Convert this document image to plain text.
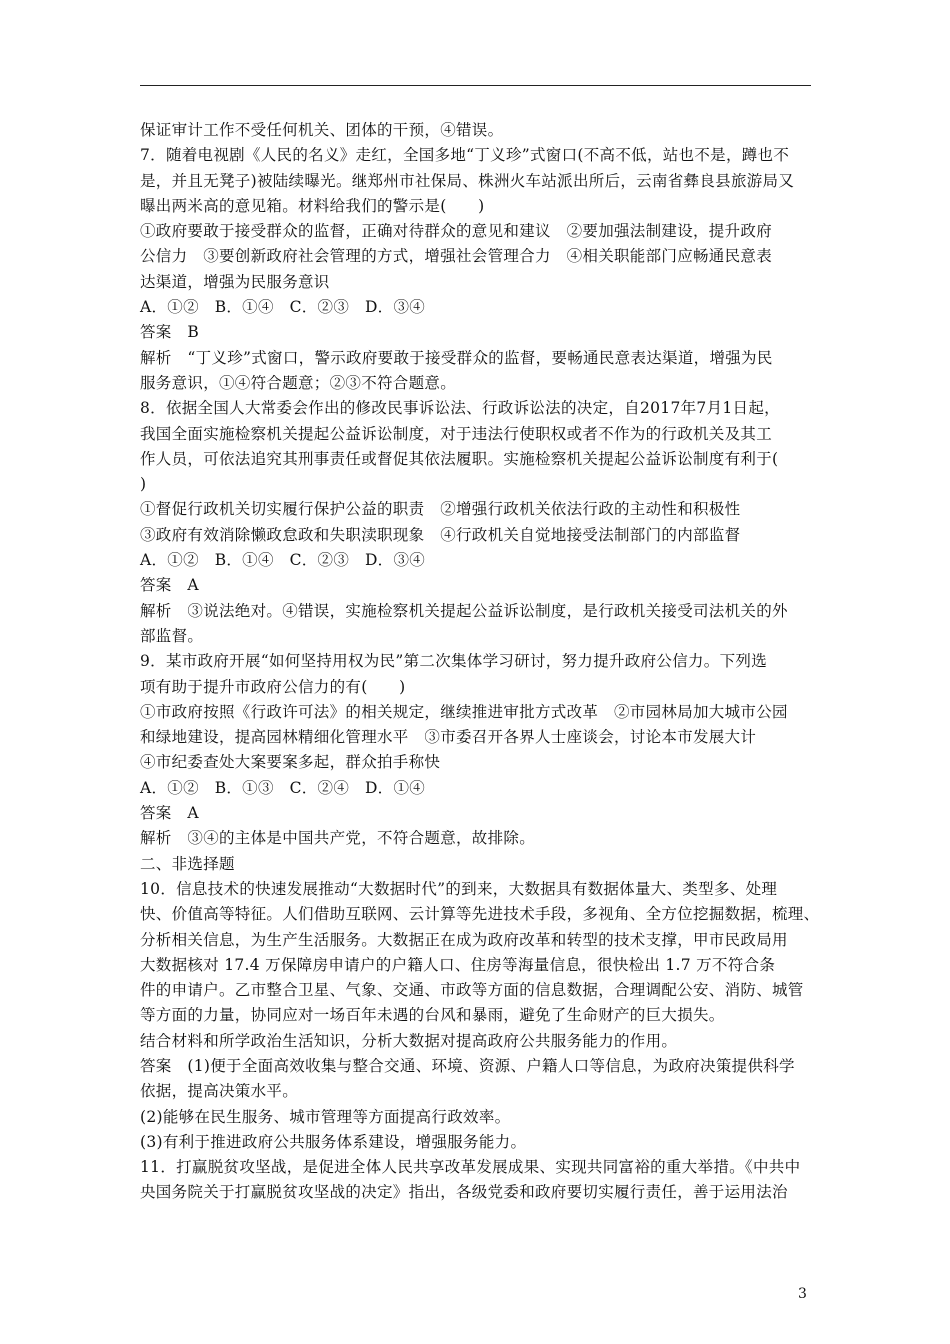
保证审计工作不受任何机关、团体的干预，④错误。
7．随着电视剧《人民的名义》走红，全国多地“丁义珍”式窗口(不高不低，站也不是，蹲也不
是，并且无凳子)被陆续曝光。继郑州市社保局、株洲火车站派出所后，云南省彝良县旅游局又
曝出两米高的意见箱。材料给我们的警示是(　　)
①政府要敢于接受群众的监督，正确对待群众的意见和建议　②要加强法制建设，提升政府
公信力　③要创新政府社会管理的方式，增强社会管理合力　④相关职能部门应畅通民意表
达渠道，增强为民服务意识
A．①②　B．①④　C．②③　D．③④
答案　B
解析　“丁义珍”式窗口，警示政府要敢于接受群众的监督，要畅通民意表达渠道，增强为民
服务意识，①④符合题意；②③不符合题意。
8．依据全国人大常委会作出的修改民事诉讼法、行政诉讼法的决定，自2017年7月1日起，
我国全面实施检察机关提起公益诉讼制度，对于违法行使职权或者不作为的行政机关及其工
作人员，可依法追究其刑事责任或督促其依法履职。实施检察机关提起公益诉讼制度有利于(
)
①督促行政机关切实履行保护公益的职责　②增强行政机关依法行政的主动性和积极性
③政府有效消除懒政怠政和失职渎职现象　④行政机关自觉地接受法制部门的内部监督
A．①②　B．①④　C．②③　D．③④
答案　A
解析　③说法绝对。④错误，实施检察机关提起公益诉讼制度，是行政机关接受司法机关的外
部监督。
9．某市政府开展“如何坚持用权为民”第二次集体学习研讨，努力提升政府公信力。下列选
项有助于提升市政府公信力的有(　　)
①市政府按照《行政许可法》的相关规定，继续推进审批方式改革　②市园林局加大城市公园
和绿地建设，提高园林精细化管理水平　③市委召开各界人士座谈会，讨论本市发展大计
④市纪委查处大案要案多起，群众拍手称快
A．①②　B．①③　C．②④　D．①④
答案　A
解析　③④的主体是中国共产党，不符合题意，故排除。
二、非选择题
10．信息技术的快速发展推动“大数据时代”的到来，大数据具有数据体量大、类型多、处理
快、价值高等特征。人们借助互联网、云计算等先进技术手段，多视角、全方位挖掘数据，梳理、
分析相关信息，为生产生活服务。大数据正在成为政府改革和转型的技术支撑，甲市民政局用
大数据核对 17.4 万保障房申请户的户籍人口、住房等海量信息，很快检出 1.7 万不符合条
件的申请户。乙市整合卫星、气象、交通、市政等方面的信息数据，合理调配公安、消防、城管
等方面的力量，协同应对一场百年未遇的台风和暴雨，避免了生命财产的巨大损失。
结合材料和所学政治生活知识，分析大数据对提高政府公共服务能力的作用。
答案　(1)便于全面高效收集与整合交通、环境、资源、户籍人口等信息，为政府决策提供科学
依据，提高决策水平。
(2)能够在民生服务、城市管理等方面提高行政效率。
(3)有利于推进政府公共服务体系建设，增强服务能力。
11．打赢脱贫攻坚战，是促进全体人民共享改革发展成果、实现共同富裕的重大举措。《中共中
央国务院关于打赢脱贫攻坚战的决定》指出，各级党委和政府要切实履行责任，善于运用法治
3
